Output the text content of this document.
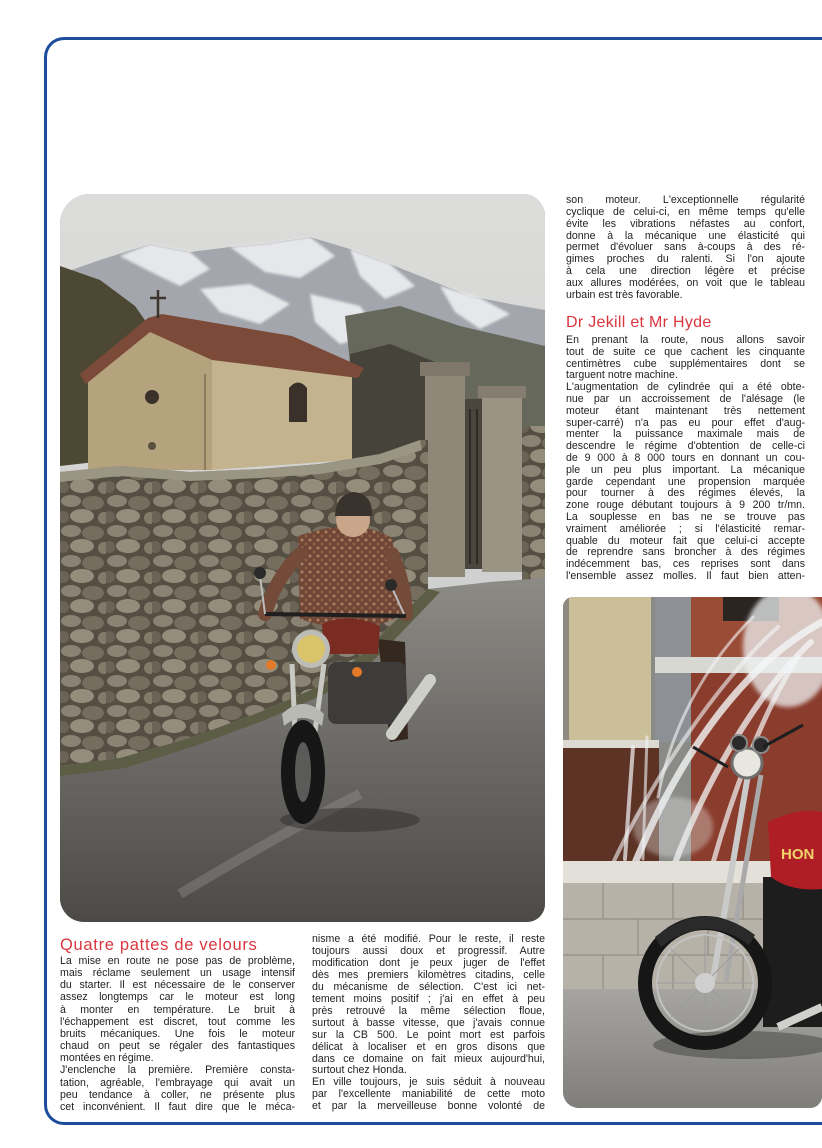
HON
son moteur. L'exceptionnelle régularité
cyclique de celui-ci, en même temps qu'elle
évite les vibrations néfastes au confort,
donne à la mécanique une élasticité qui
permet d'évoluer sans à-coups à des ré-
gimes proches du ralenti. Si l'on ajoute
à cela une direction légère et précise
aux allures modérées, on voit que le tableau
urbain est très favorable.
Dr Jekill et Mr Hyde
En prenant la route, nous allons savoir
tout de suite ce que cachent les cinquante
centimètres cube supplémentaires dont se
targuent notre machine.
L'augmentation de cylindrée qui a été obte-
nue par un accroissement de l'alésage (le
moteur étant maintenant très nettement
super-carré) n'a pas eu pour effet d'aug-
menter la puissance maximale mais de
descendre le régime d'obtention de celle-ci
de 9 000 à 8 000 tours en donnant un cou-
ple un peu plus important. La mécanique
garde cependant une propension marquée
pour tourner à des régimes élevés, la
zone rouge débutant toujours à 9 200 tr/mn.
La souplesse en bas ne se trouve pas
vraiment améliorée ; si l'élasticité remar-
quable du moteur fait que celui-ci accepte
de reprendre sans broncher à des régimes
indécemment bas, ces reprises sont dans
l'ensemble assez molles. Il faut bien atten-
Quatre pattes de velours
La mise en route ne pose pas de problème,
mais réclame seulement un usage intensif
du starter. Il est nécessaire de le conserver
assez longtemps car le moteur est long
à monter en température. Le bruit à
l'échappement est discret, tout comme les
bruits mécaniques. Une fois le moteur
chaud on peut se régaler des fantastiques
montées en régime.
J'enclenche la première. Première consta-
tation, agréable, l'embrayage qui avait un
peu tendance à coller, ne présente plus
cet inconvénient. Il faut dire que le méca-
nisme a été modifié. Pour le reste, il reste
toujours aussi doux et progressif. Autre
modification dont je peux juger de l'effet
dès mes premiers kilomètres citadins, celle
du mécanisme de sélection. C'est ici net-
tement moins positif ; j'ai en effet à peu
près retrouvé la même sélection floue,
surtout à basse vitesse, que j'avais connue
sur la CB 500. Le point mort est parfois
délicat à localiser et en gros disons que
dans ce domaine on fait mieux aujourd'hui,
surtout chez Honda.
En ville toujours, je suis séduit à nouveau
par l'excellente maniabilité de cette moto
et par la merveilleuse bonne volonté de
